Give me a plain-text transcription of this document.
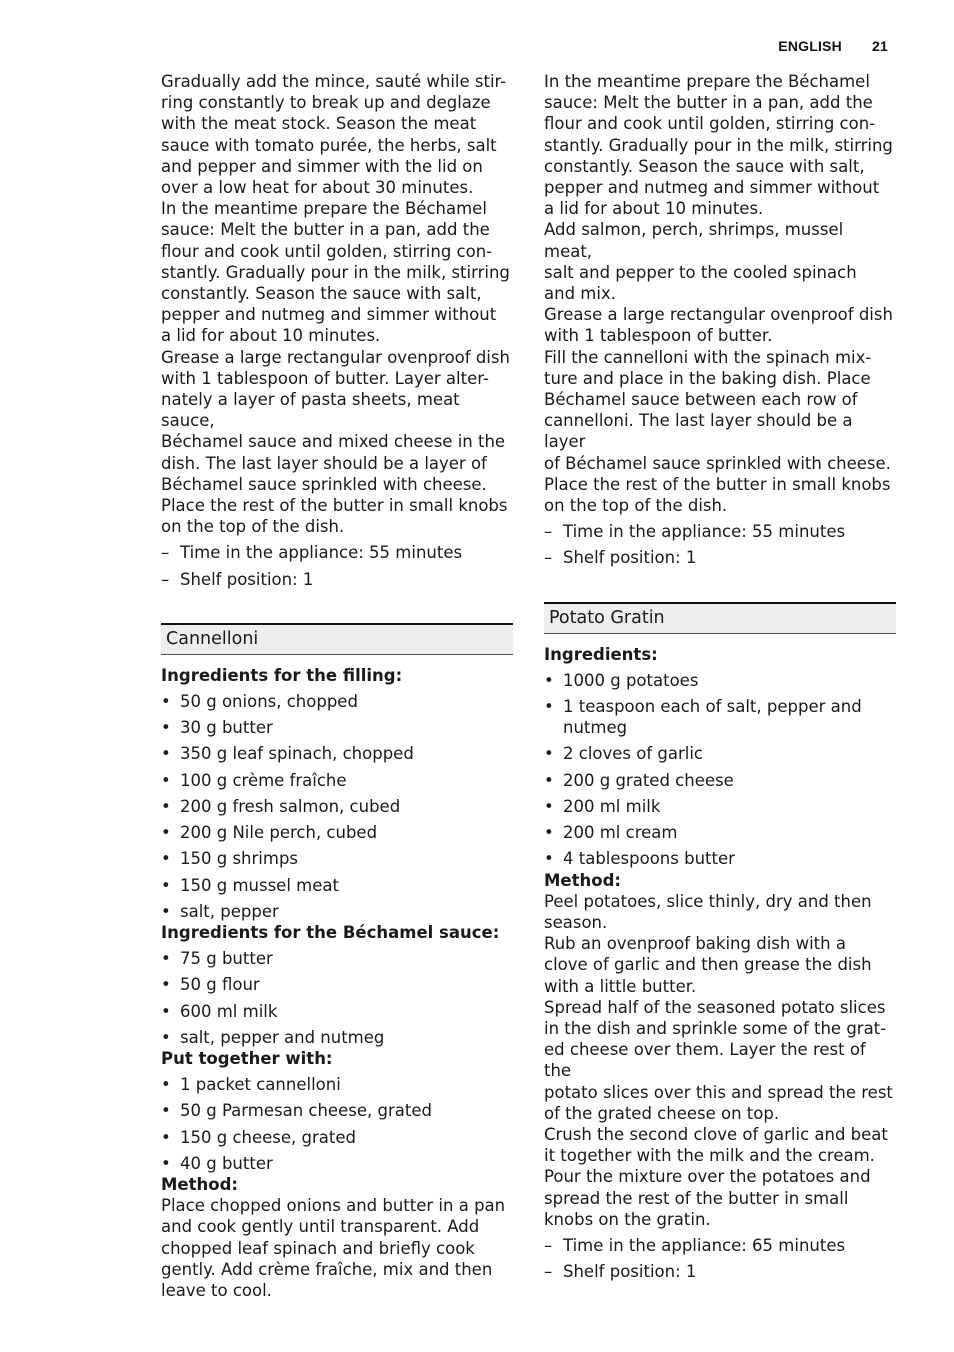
ENGLISH 21

Gradually add the mince, sauté while stir-
ring constantly to break up and deglaze
with the meat stock. Season the meat
sauce with tomato purée, the herbs, salt
and pepper and simmer with the lid on
over a low heat for about 30 minutes.
In the meantime prepare the Béchamel
sauce: Melt the butter in a pan, add the
flour and cook until golden, stirring con-
stantly. Gradually pour in the milk, stirring
constantly. Season the sauce with salt,
pepper and nutmeg and simmer without
a lid for about 10 minutes.
Grease a large rectangular ovenproof dish
with 1 tablespoon of butter. Layer alter-
nately a layer of pasta sheets, meat sauce,
Béchamel sauce and mixed cheese in the
dish. The last layer should be a layer of
Béchamel sauce sprinkled with cheese.
Place the rest of the butter in small knobs
on the top of the dish.

– Time in the appliance: 55 minutes
– Shelf position: 1
Cannelloni
Ingredients for the filling:
• 50 g onions, chopped
• 30 g butter
• 350 g leaf spinach, chopped
• 100 g crème fraîche
• 200 g fresh salmon, cubed
• 200 g Nile perch, cubed
• 150 g shrimps
• 150 g mussel meat
• salt, pepper
Ingredients for the Béchamel sauce:
• 75 g butter
• 50 g flour
• 600 ml milk
• salt, pepper and nutmeg
Put together with:
• 1 packet cannelloni
• 50 g Parmesan cheese, grated
• 150 g cheese, grated
• 40 g butter
Method:

Place chopped onions and butter in a pan
and cook gently until transparent. Add
chopped leaf spinach and briefly cook
gently. Add crème fraîche, mix and then
leave to cool.

In the meantime prepare the Béchamel
sauce: Melt the butter in a pan, add the
flour and cook until golden, stirring con-
stantly. Gradually pour in the milk, stirring
constantly. Season the sauce with salt,
pepper and nutmeg and simmer without
a lid for about 10 minutes.
Add salmon, perch, shrimps, mussel meat,
salt and pepper to the cooled spinach
and mix.
Grease a large rectangular ovenproof dish
with 1 tablespoon of butter.
Fill the cannelloni with the spinach mix-
ture and place in the baking dish. Place
Béchamel sauce between each row of
cannelloni. The last layer should be a layer
of Béchamel sauce sprinkled with cheese.
Place the rest of the butter in small knobs
on the top of the dish.

– Time in the appliance: 55 minutes
– Shelf position: 1
Potato Gratin
Ingredients:
• 1000 g potatoes
• 1 teaspoon each of salt, pepper and
nutmeg
• 2 cloves of garlic
• 200 g grated cheese
• 200 ml milk
• 200 ml cream
• 4 tablespoons butter
Method:

Peel potatoes, slice thinly, dry and then
season.
Rub an ovenproof baking dish with a
clove of garlic and then grease the dish
with a little butter.
Spread half of the seasoned potato slices
in the dish and sprinkle some of the grat-
ed cheese over them. Layer the rest of the
potato slices over this and spread the rest
of the grated cheese on top.
Crush the second clove of garlic and beat
it together with the milk and the cream.
Pour the mixture over the potatoes and
spread the rest of the butter in small
knobs on the gratin.

– Time in the appliance: 65 minutes
– Shelf position: 1
